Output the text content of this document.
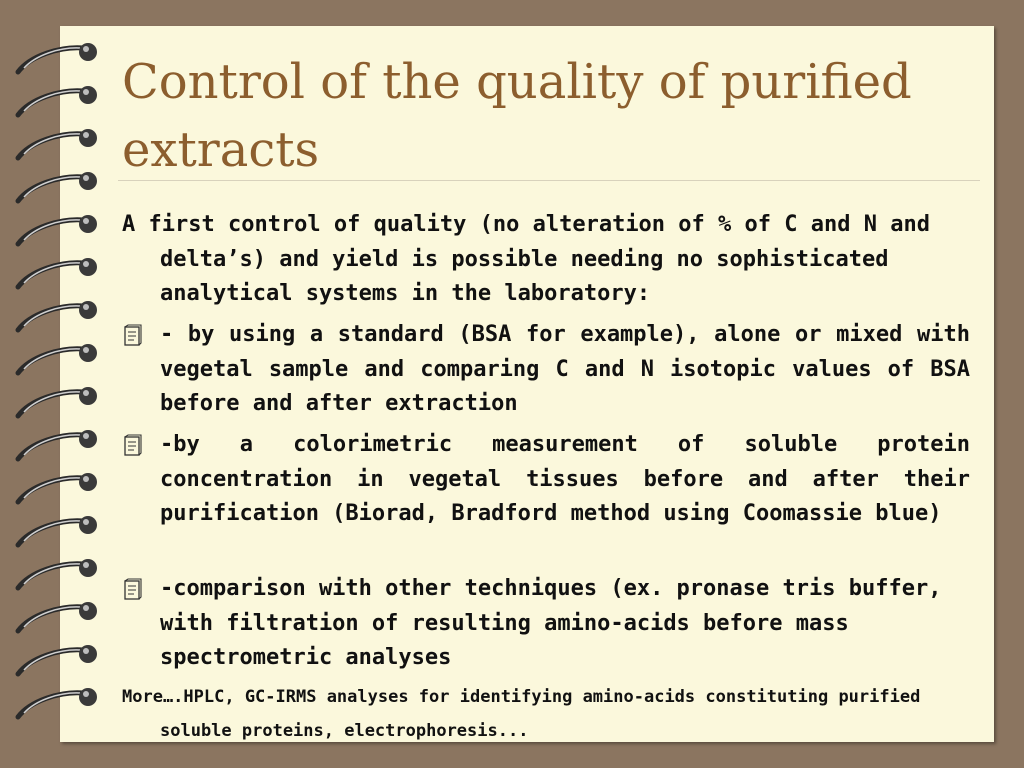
Control of the quality of purified extracts
A first control of quality (no alteration of % of C and N and delta’s) and yield is possible needing no sophisticated analytical systems in the laboratory:
- by using a standard (BSA for example), alone or mixed with vegetal sample and comparing C and N isotopic values of BSA before and after extraction
-by a colorimetric measurement of soluble protein concentration in vegetal tissues before and after their purification (Biorad, Bradford method using Coomassie blue)
-comparison with other techniques (ex. pronase tris buffer, with filtration of resulting amino-acids before mass spectrometric analyses
More….HPLC, GC-IRMS analyses for identifying amino-acids constituting purified soluble proteins, electrophoresis...
